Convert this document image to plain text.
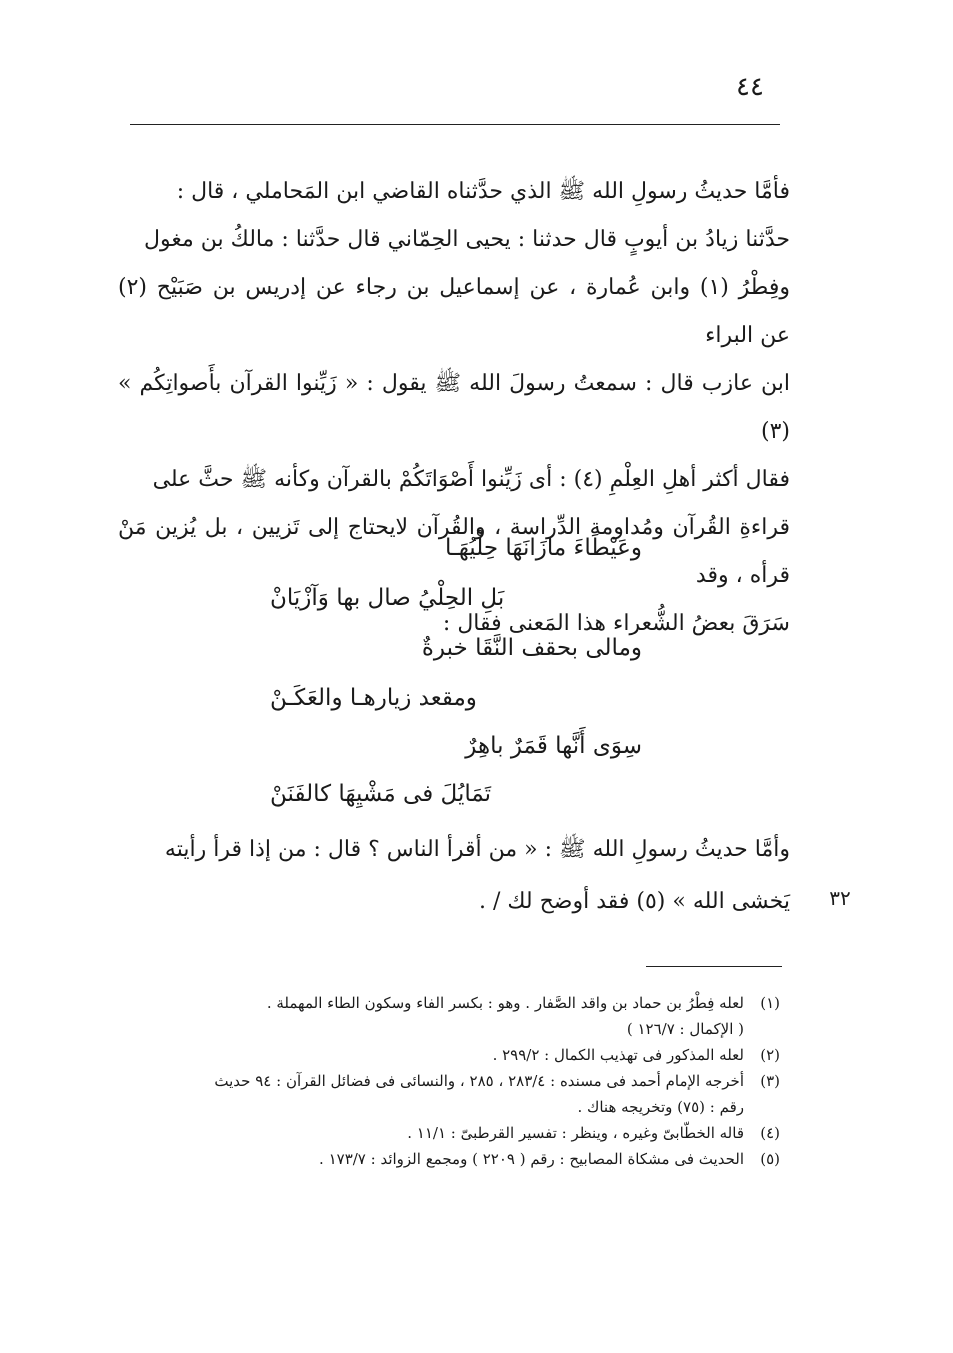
٤٤

فأمَّا حديثُ رسولِ الله ﷺ الذي حدَّثناه القاضي ابن المَحاملي ، قال :

حدَّثنا زيادُ بن أيوبٍ قال حدثنا : يحيى الحِمّاني قال حدَّثنا : مالكُ بن مغول

وفِطْرُ (١) وابن عُمارة ، عن إسماعيل بن رجاء عن إدريس بن صَبَيْح (٢) عن البراء

ابن عازب قال : سمعتُ رسولَ الله ﷺ يقول : « زَيِّنوا القرآن بأَصواتِكُم » (٣)

فقال أكثر أهلِ العِلْمِ (٤) : أى زَيِّنوا أَصْوَاتَكُمْ بالقرآن وكأنه ﷺ حثَّ على

قراءةِ القُرآن ومُداومة الدِّراسة ، والقُرآن لايحتاج إلى تَزيين ، بل يُزين مَنْ قرأه ، وقد

سَرَقَ بعضُ الشُّعراء هذا المَعنى فقال :

وعَيْطَاءَ مازَانَهَا حِلْيُهَـا
بَلِ الحِلْيُ صال بها وَآزْيَانْ
ومالى بحقف النَّقَا خبرةٌ
ومقعد زيارهـا والعَكَـنْ
سِوَى أَنَّها قَمَرٌ باهِرٌ
تَمَايُلَ فى مَشْيِهَا كالفَنَنْ

وأمَّا حديثُ رسولِ الله ﷺ : « من أقرأ الناس ؟ قال : من إذا قرأ رأيته

يَخشى الله » (٥) فقد أوضح لك / .	٣٢
(١)
لعله فِطْرُ بن حماد بن واقد الصَّفار . وهو : بكسر الفاء وسكون الطاء المهملة .
( الإكمال : ١٢٦/٧ )
(٢)
لعله المذكور فى تهذيب الكمال : ٢٩٩/٢ .
(٣)
أخرجه الإمام أحمد فى مسنده : ٢٨٣/٤ ، ٢٨٥ ، والنسائى فى فضائل القرآن : ٩٤ حديث
رقم : (٧٥) وتخريجه هناك .
(٤)
قاله الخطّابىّ وغيره ، وينظر : تفسير القرطبىّ : ١١/١ .
(٥)
الحديث فى مشكاة المصابيح : رقم ( ٢٢٠٩ ) ومجمع الزوائد : ١٧٣/٧ .
